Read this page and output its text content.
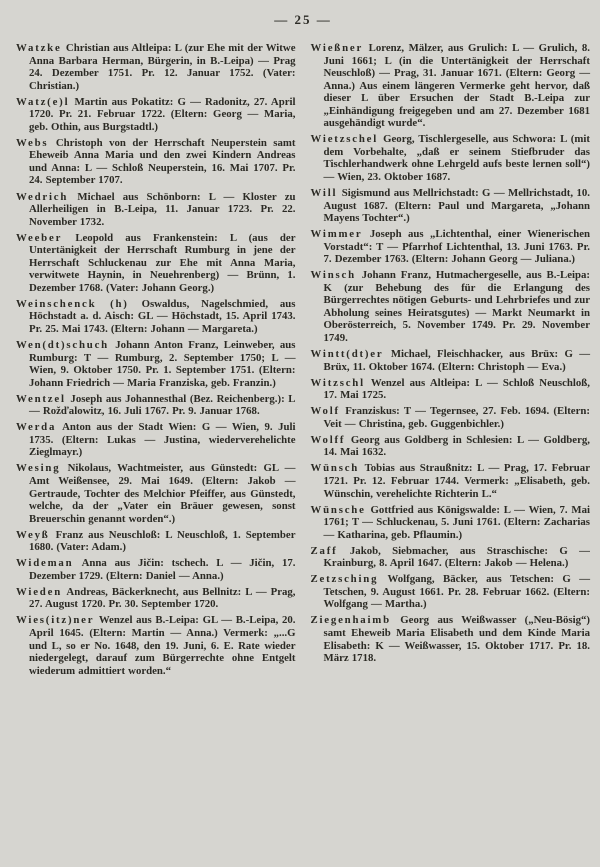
— 25 —
Watzke Christian aus Altleipa: L (zur Ehe mit der Witwe Anna Barbara Herman, Bürgerin, in B.-Leipa) — Prag 24. Dezember 1751. Pr. 12. Januar 1752. (Vater: Christian.)
Watz(e)l Martin aus Pokatitz: G — Radonitz, 27. April 1720. Pr. 21. Februar 1722. (Eltern: Georg — Maria, geb. Othin, aus Burgstadtl.)
Webs Christoph von der Herrschaft Neuperstein samt Eheweib Anna Maria und den zwei Kindern Andreas und Anna: L — Schloß Neuperstein, 16. Mai 1707. Pr. 24. September 1707.
Wedrich Michael aus Schönborn: L — Kloster zu Allerheiligen in B.-Leipa, 11. Januar 1723. Pr. 22. November 1732.
Weeber Leopold aus Frankenstein: L (aus der Untertänigkeit der Herrschaft Rumburg in jene der Herrschaft Schluckenau zur Ehe mit Anna Maria, verwitwete Haynin, in Neuehrenberg) — Brünn, 1. Dezember 1768. (Vater: Johann Georg.)
Weinschenck (h) Oswaldus, Nagelschmied, aus Höchstadt a. d. Aisch: GL — Höchstadt, 15. April 1743. Pr. 25. Mai 1743. (Eltern: Johann — Margareta.)
Wen(dt)schuch Johann Anton Franz, Leinweber, aus Rumburg: T — Rumburg, 2. September 1750; L — Wien, 9. Oktober 1750. Pr. 1. September 1751. (Eltern: Johann Friedrich — Maria Franziska, geb. Franzin.)
Wentzel Joseph aus Johannesthal (Bez. Reichenberg.): L — Rožďalowitz, 16. Juli 1767. Pr. 9. Januar 1768.
Werda Anton aus der Stadt Wien: G — Wien, 9. Juli 1735. (Eltern: Lukas — Justina, wiederverehelichte Zieglmayr.)
Wesing Nikolaus, Wachtmeister, aus Günstedt: GL — Amt Weißensee, 29. Mai 1649. (Eltern: Jakob — Gertraude, Tochter des Melchior Pfeiffer, aus Günstedt, welche, da der „Vater ein Bräuer gewesen, sonst Breuerschin genannt worden“.)
Weyß Franz aus Neuschloß: L Neuschloß, 1. September 1680. (Vater: Adam.)
Wideman Anna aus Jičin: tschech. L — Jičin, 17. Dezember 1729. (Eltern: Daniel — Anna.)
Wieden Andreas, Bäckerknecht, aus Bellnitz: L — Prag, 27. August 1720. Pr. 30. September 1720.
Wies(itz)ner Wenzel aus B.-Leipa: GL — B.-Leipa, 20. April 1645. (Eltern: Martin — Anna.) Vermerk: „...G und L, so er No. 1648, den 19. Juni, 6. E. Rate wieder niedergelegt, darauf zum Bürgerrechte ohne Entgelt wiederum admittiert worden.“
Wießner Lorenz, Mälzer, aus Grulich: L — Grulich, 8. Juni 1661; L (in die Untertänigkeit der Herrschaft Neuschloß) — Prag, 31. Januar 1671. (Eltern: Georg — Anna.) Aus einem längeren Vermerke geht hervor, daß dieser L über Ersuchen der Stadt B.-Leipa zur „Einhändigung freigegeben und am 27. Dezember 1681 ausgehändigt wurde“.
Wietzschel Georg, Tischlergeselle, aus Schwora: L (mit dem Vorbehalte, „daß er seinem Stiefbruder das Tischlerhandwerk ohne Lehrgeld aufs beste lernen soll“) — Wien, 23. Oktober 1687.
Will Sigismund aus Mellrichstadt: G — Mellrichstadt, 10. August 1687. (Eltern: Paul und Margareta, „Johann Mayens Tochter“.)
Wimmer Joseph aus „Lichtenthal, einer Wienerischen Vorstadt“: T — Pfarrhof Lichtenthal, 13. Juni 1763. Pr. 7. Dezember 1763. (Eltern: Johann Georg — Juliana.)
Winsch Johann Franz, Hutmachergeselle, aus B.-Leipa: K (zur Behebung des für die Erlangung des Bürgerrechtes nötigen Geburts- und Lehrbriefes und zur Abholung seines Heiratsgutes) — Markt Neumarkt in Oberösterreich, 5. November 1749. Pr. 29. November 1749.
Wintt(dt)er Michael, Fleischhacker, aus Brüx: G — Brüx, 11. Oktober 1674. (Eltern: Christoph — Eva.)
Witzschl Wenzel aus Altleipa: L — Schloß Neuschloß, 17. Mai 1725.
Wolf Franziskus: T — Tegernsee, 27. Feb. 1694. (Eltern: Veit — Christina, geb. Guggenbichler.)
Wolff Georg aus Goldberg in Schlesien: L — Goldberg, 14. Mai 1632.
Wünsch Tobias aus Straußnitz: L — Prag, 17. Februar 1721. Pr. 12. Februar 1744. Vermerk: „Elisabeth, geb. Wünschin, verehelichte Richterin L.“
Wünsche Gottfried aus Königswalde: L — Wien, 7. Mai 1761; T — Schluckenau, 5. Juni 1761. (Eltern: Zacharias — Katharina, geb. Pflaumin.)
Zaff Jakob, Siebmacher, aus Straschische: G — Krainburg, 8. April 1647. (Eltern: Jakob — Helena.)
Zetzsching Wolfgang, Bäcker, aus Tetschen: G — Tetschen, 9. August 1661. Pr. 28. Februar 1662. (Eltern: Wolfgang — Martha.)
Ziegenhaimb Georg aus Weißwasser („Neu-Bösig“) samt Eheweib Maria Elisabeth und dem Kinde Maria Elisabeth: K — Weißwasser, 15. Oktober 1717. Pr. 18. März 1718.
